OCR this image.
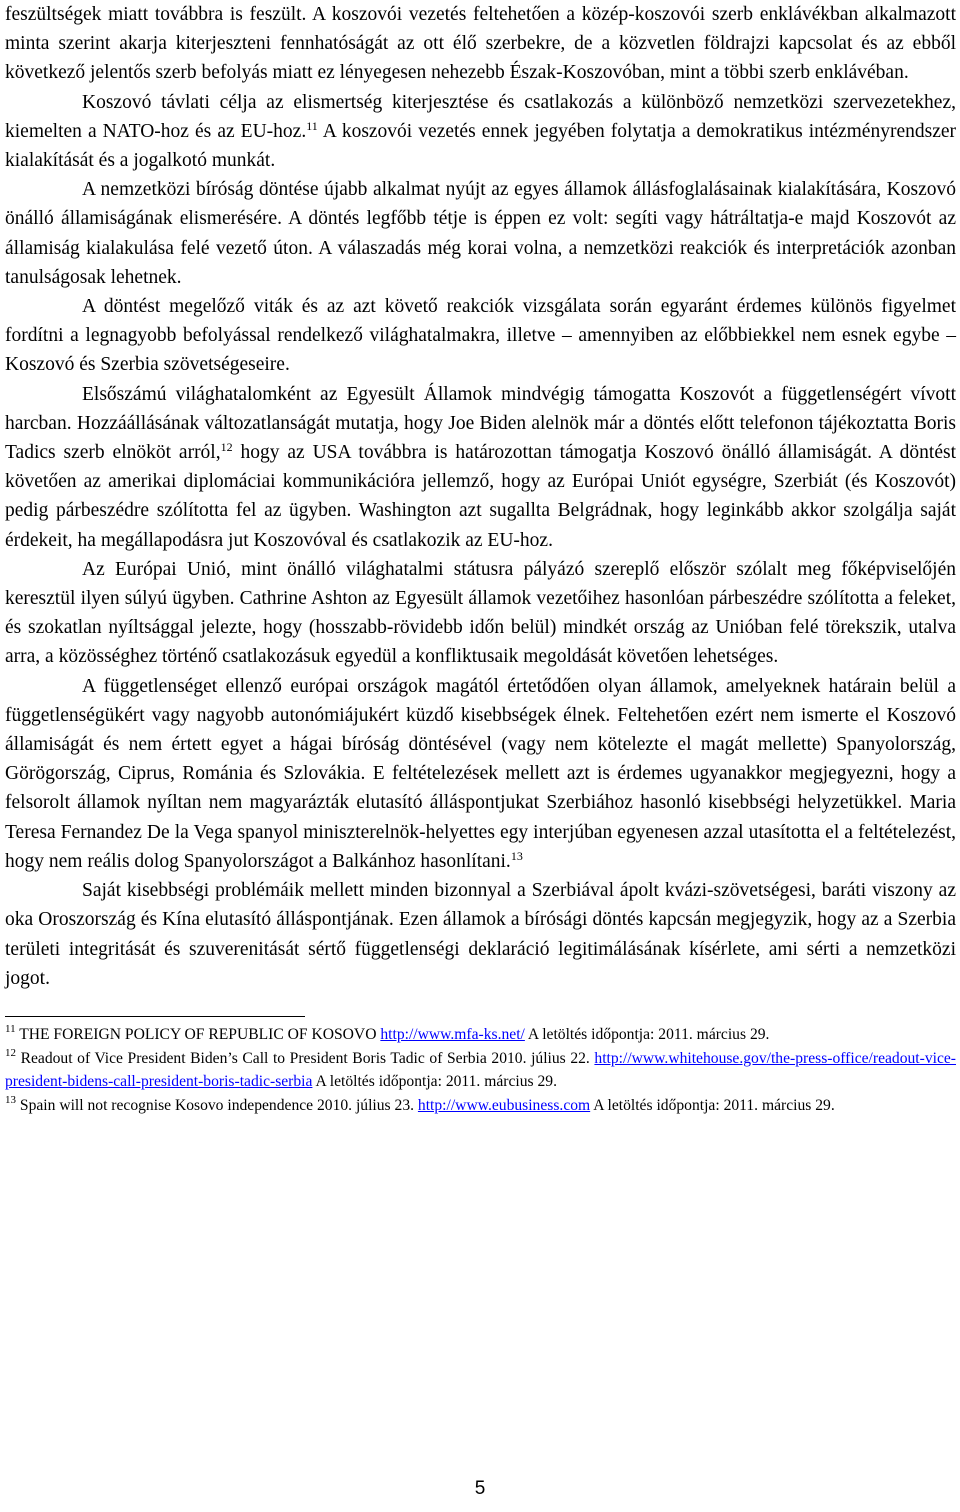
feszültségek miatt továbbra is feszült. A koszovói vezetés feltehetően a közép-koszovói szerb enklávékban alkalmazott minta szerint akarja kiterjeszteni fennhatóságát az ott élő szerbekre, de a közvetlen földrajzi kapcsolat és az ebből következő jelentős szerb befolyás miatt ez lényegesen nehezebb Észak-Koszovóban, mint a többi szerb enklávéban.

Koszovó távlati célja az elismertség kiterjesztése és csatlakozás a különböző nemzetközi szervezetekhez, kiemelten a NATO-hoz és az EU-hoz.$^{11}$ A koszovói vezetés ennek jegyében folytatja a demokratikus intézményrendszer kialakítását és a jogalkotó munkát.

A nemzetközi bíróság döntése újabb alkalmat nyújt az egyes államok állásfoglalásainak kialakítására, Koszovó önálló államiságának elismerésére. A döntés legfőbb tétje is éppen ez volt: segíti vagy hátráltatja-e majd Koszovót az államiság kialakulása felé vezető úton. A válaszadás még korai volna, a nemzetközi reakciók és interpretációk azonban tanulságosak lehetnek.

A döntést megelőző viták és az azt követő reakciók vizsgálata során egyaránt érdemes különös figyelmet fordítni a legnagyobb befolyással rendelkező világhatalmakra, illetve – amennyiben az előbbiekkel nem esnek egybe – Koszovó és Szerbia szövetségeseire.

Elsőszámú világhatalomként az Egyesült Államok mindvégig támogatta Koszovót a függetlenségért vívott harcban. Hozzáállásának változatlanságát mutatja, hogy Joe Biden alelnök már a döntés előtt telefonon tájékoztatta Boris Tadics szerb elnököt arról,$^{12}$ hogy az USA továbbra is határozottan támogatja Koszovó önálló államiságát. A döntést követően az amerikai diplomáciai kommunikációra jellemző, hogy az Európai Uniót egységre, Szerbiát (és Koszovót) pedig párbeszédre szólította fel az ügyben. Washington azt sugallta Belgrádnak, hogy leginkább akkor szolgálja saját érdekeit, ha megállapodásra jut Koszovóval és csatlakozik az EU-hoz.

Az Európai Unió, mint önálló világhatalmi státusra pályázó szereplő először szólalt meg főképviselőjén keresztül ilyen súlyú ügyben. Cathrine Ashton az Egyesült államok vezetőihez hasonlóan párbeszédre szólította a feleket, és szokatlan nyíltsággal jelezte, hogy (hosszabb-rövidebb időn belül) mindkét ország az Unióban felé törekszik, utalva arra, a közösséghez történő csatlakozásuk egyedül a konfliktusaik megoldását követően lehetséges.

A függetlenséget ellenző európai országok magától értetődően olyan államok, amelyeknek határain belül a függetlenségükért vagy nagyobb autonómiájukért küzdő kisebbségek élnek. Feltehetően ezért nem ismerte el Koszovó államiságát és nem értett egyet a hágai bíróság döntésével (vagy nem kötelezte el magát mellette) Spanyolország, Görögország, Ciprus, Románia és Szlovákia. E feltételezések mellett azt is érdemes ugyanakkor megjegyezni, hogy a felsorolt államok nyíltan nem magyarázták elutasító álláspontjukat Szerbiához hasonló kisebbségi helyzetükkel. Maria Teresa Fernandez De la Vega spanyol miniszterelnök-helyettes egy interjúban egyenesen azzal utasította el a feltételezést, hogy nem reális dolog Spanyolországot a Balkánhoz hasonlítani.$^{13}$

Saját kisebbségi problémáik mellett minden bizonnyal a Szerbiával ápolt kvázi-szövetségesi, baráti viszony az oka Oroszország és Kína elutasító álláspontjának. Ezen államok a bírósági döntés kapcsán megjegyzik, hogy az a Szerbia területi integritását és szuverenitását sértő függetlenségi deklaráció legitimálásának kísérlete, ami sérti a nemzetközi jogot.

$^{11}$ THE FOREIGN POLICY OF REPUBLIC OF KOSOVO http://www.mfa-ks.net/ A letöltés időpontja: 2011. március 29.
$^{12}$ Readout of Vice President Biden’s Call to President Boris Tadic of Serbia 2010. július 22. http://www.whitehouse.gov/the-press-office/readout-vice-president-bidens-call-president-boris-tadic-serbia A letöltés időpontja: 2011. március 29.
$^{13}$ Spain will not recognise Kosovo independence 2010. július 23. http://www.eubusiness.com A letöltés időpontja: 2011. március 29.
5
